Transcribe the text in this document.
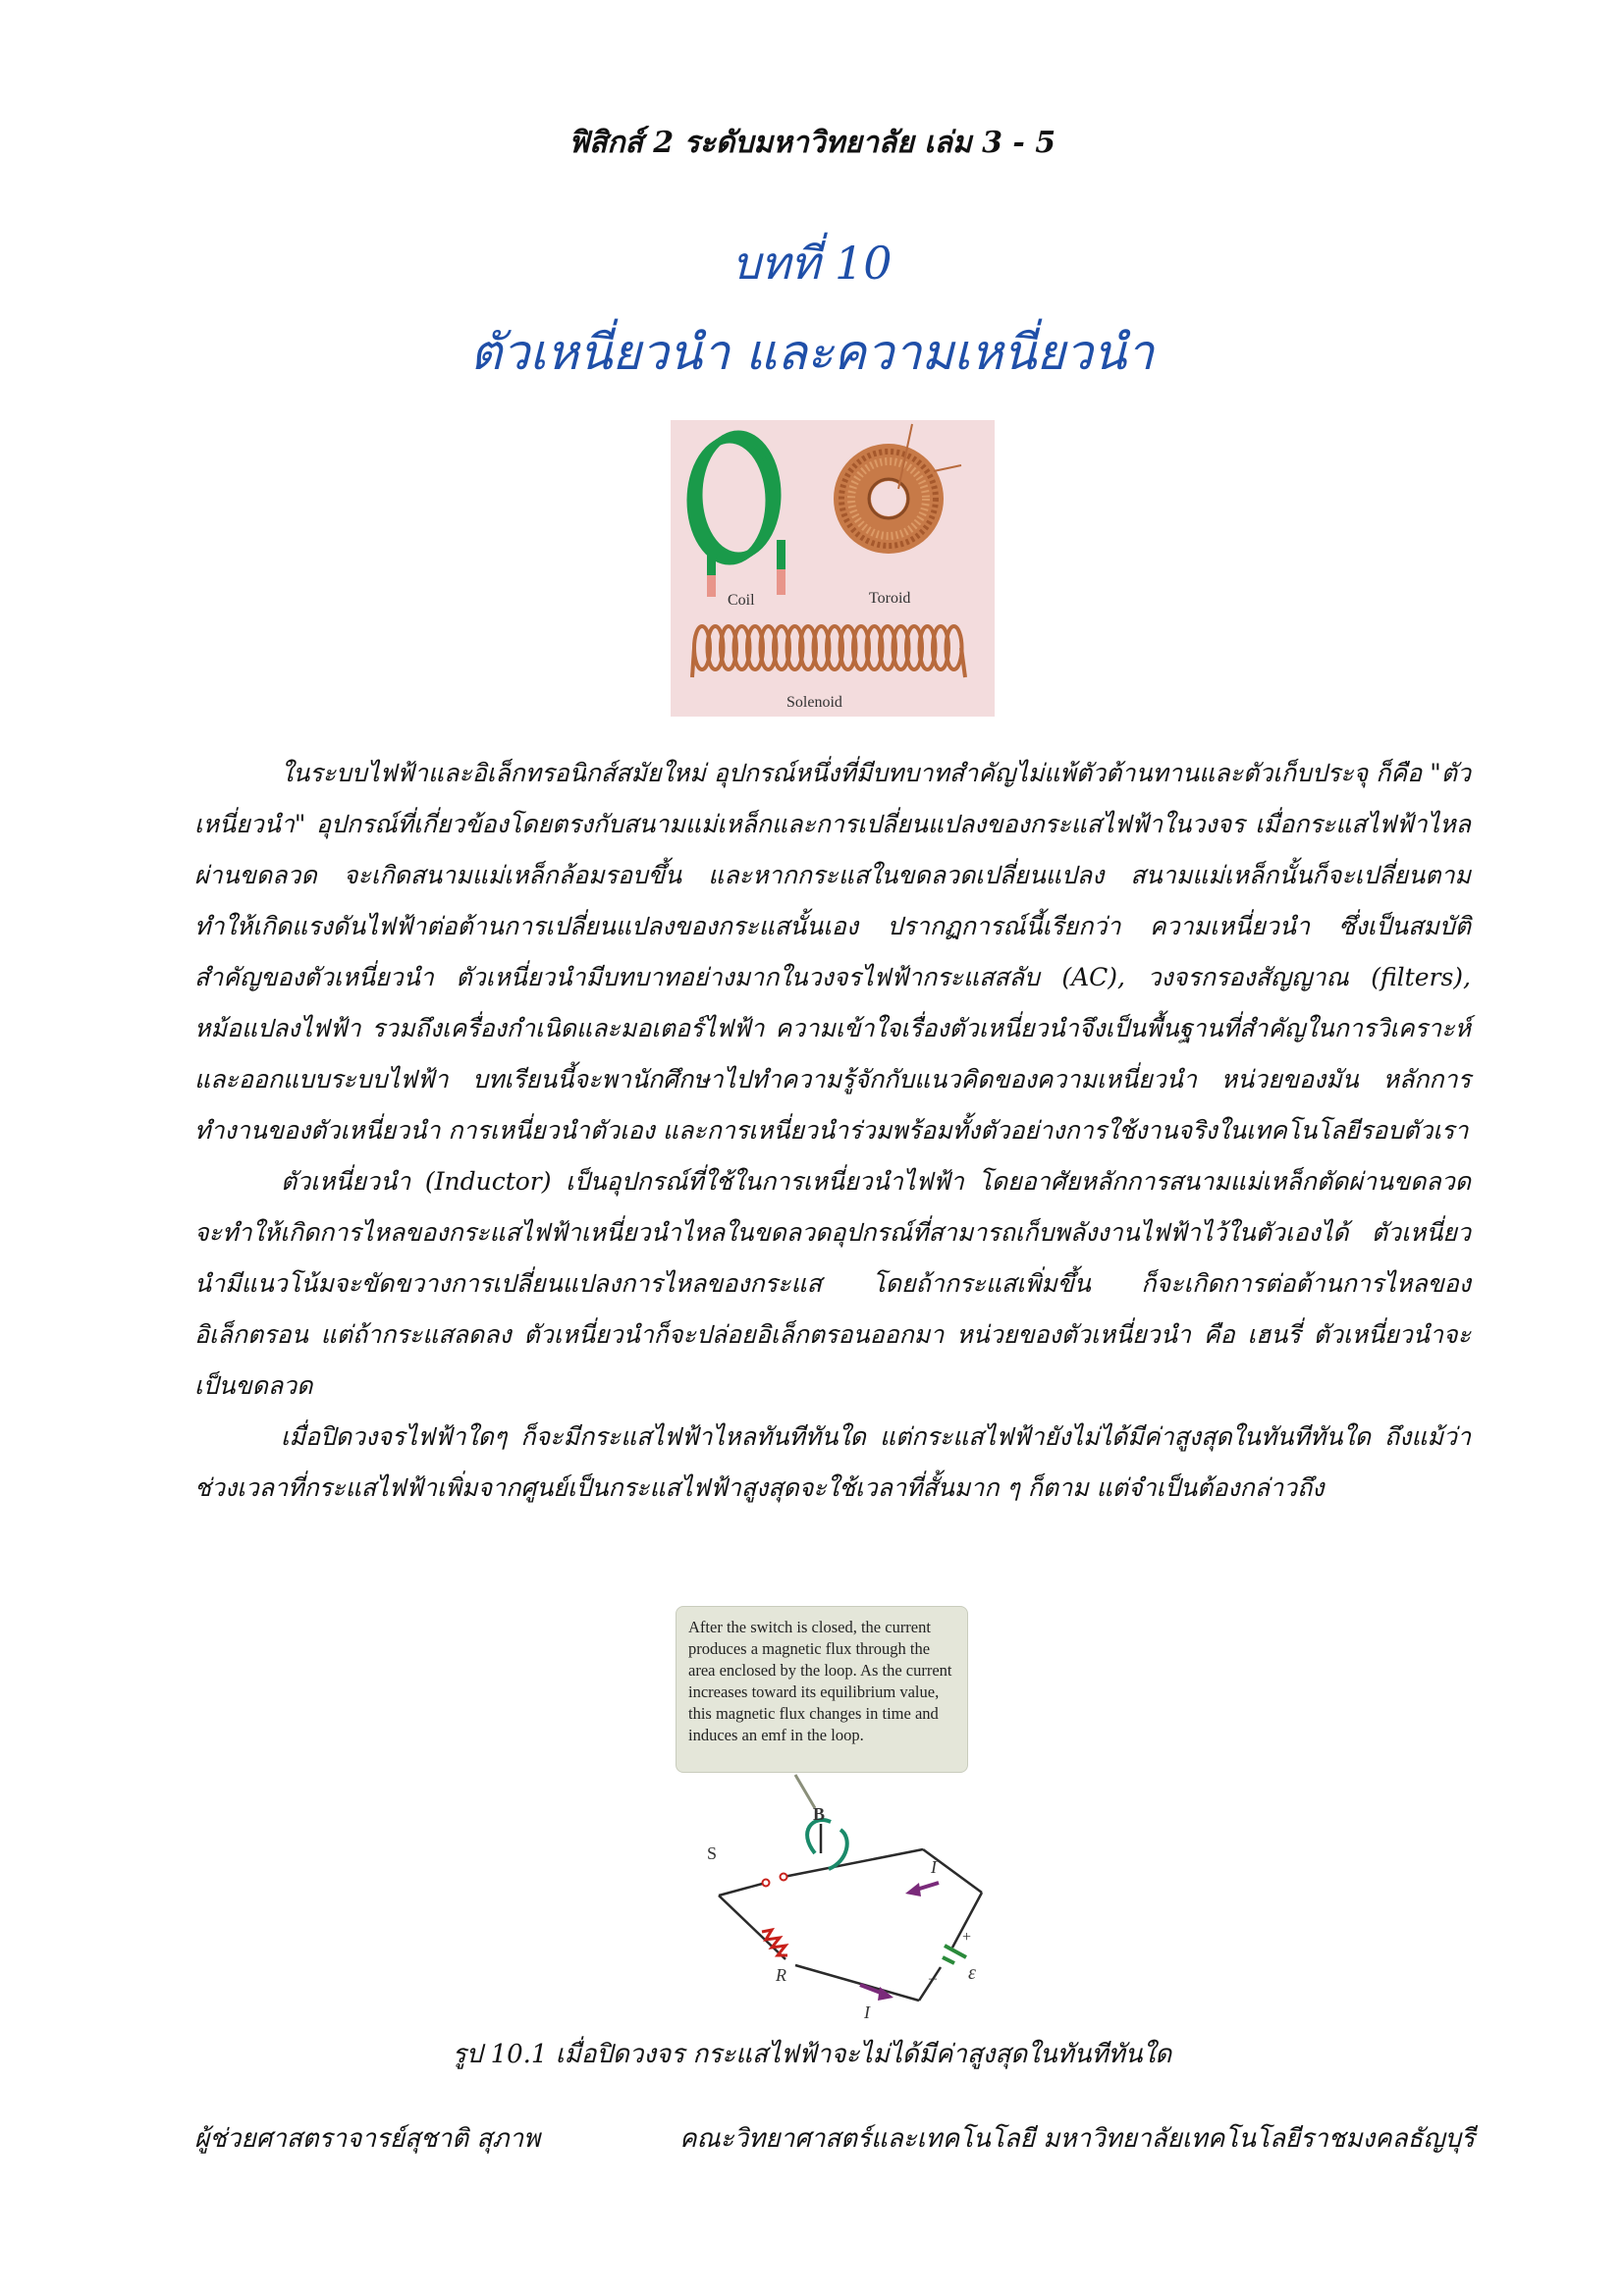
ฟิสิกส์ 2 ระดับมหาวิทยาลัย เล่ม 3 - 5
บทที่ 10
ตัวเหนี่ยวนำ และความเหนี่ยวนำ
Coil	Toroid
Solenoid

ในระบบไฟฟ้าและอิเล็กทรอนิกส์สมัยใหม่ อุปกรณ์หนึ่งที่มีบทบาทสำคัญไม่แพ้ตัวต้านทานและตัวเก็บประจุ ก็คือ "ตัวเหนี่ยวนำ" อุปกรณ์ที่เกี่ยวข้องโดยตรงกับสนามแม่เหล็กและการเปลี่ยนแปลงของกระแสไฟฟ้าในวงจร เมื่อกระแสไฟฟ้าไหลผ่านขดลวด จะเกิดสนามแม่เหล็กล้อมรอบขึ้น และหากกระแสในขดลวดเปลี่ยนแปลง สนามแม่เหล็กนั้นก็จะเปลี่ยนตาม ทำให้เกิดแรงดันไฟฟ้าต่อต้านการเปลี่ยนแปลงของกระแสนั้นเอง ปรากฏการณ์นี้เรียกว่า ความเหนี่ยวนำ ซึ่งเป็นสมบัติสำคัญของตัวเหนี่ยวนำ ตัวเหนี่ยวนำมีบทบาทอย่างมากในวงจรไฟฟ้ากระแสสลับ (AC), วงจรกรองสัญญาณ (filters), หม้อแปลงไฟฟ้า รวมถึงเครื่องกำเนิดและมอเตอร์ไฟฟ้า ความเข้าใจเรื่องตัวเหนี่ยวนำจึงเป็นพื้นฐานที่สำคัญในการวิเคราะห์และออกแบบระบบไฟฟ้า บทเรียนนี้จะพานักศึกษาไปทำความรู้จักกับแนวคิดของความเหนี่ยวนำ หน่วยของมัน หลักการทำงานของตัวเหนี่ยวนำ การเหนี่ยวนำตัวเอง และการเหนี่ยวนำร่วมพร้อมทั้งตัวอย่างการใช้งานจริงในเทคโนโลยีรอบตัวเรา

ตัวเหนี่ยวนำ (Inductor) เป็นอุปกรณ์ที่ใช้ในการเหนี่ยวนำไฟฟ้า โดยอาศัยหลักการสนามแม่เหล็กตัดผ่านขดลวด จะทำให้เกิดการไหลของกระแสไฟฟ้าเหนี่ยวนำไหลในขดลวดอุปกรณ์ที่สามารถเก็บพลังงานไฟฟ้าไว้ในตัวเองได้ ตัวเหนี่ยวนำมีแนวโน้มจะขัดขวางการเปลี่ยนแปลงการไหลของกระแส โดยถ้ากระแสเพิ่มขึ้น ก็จะเกิดการต่อต้านการไหลของอิเล็กตรอน แต่ถ้ากระแสลดลง ตัวเหนี่ยวนำก็จะปล่อยอิเล็กตรอนออกมา หน่วยของตัวเหนี่ยวนำ คือ เฮนรี่ ตัวเหนี่ยวนำจะเป็นขดลวด

เมื่อปิดวงจรไฟฟ้าใดๆ ก็จะมีกระแสไฟฟ้าไหลทันทีทันใด แต่กระแสไฟฟ้ายังไม่ได้มีค่าสูงสุดในทันทีทันใด ถึงแม้ว่าช่วงเวลาที่กระแสไฟฟ้าเพิ่มจากศูนย์เป็นกระแสไฟฟ้าสูงสุดจะใช้เวลาที่สั้นมาก ๆ ก็ตาม แต่จำเป็นต้องกล่าวถึง

After the switch is closed, the current produces a magnetic flux through the area enclosed by the loop. As the current increases toward its equilibrium value, this magnetic flux changes in time and induces an emf in the loop.
S
R
+
– ε
B
I
I
รูป 10.1 เมื่อปิดวงจร กระแสไฟฟ้าจะไม่ได้มีค่าสูงสุดในทันทีทันใด
ผู้ช่วยศาสตราจารย์สุชาติ สุภาพ	คณะวิทยาศาสตร์และเทคโนโลยี มหาวิทยาลัยเทคโนโลยีราชมงคลธัญบุรี
